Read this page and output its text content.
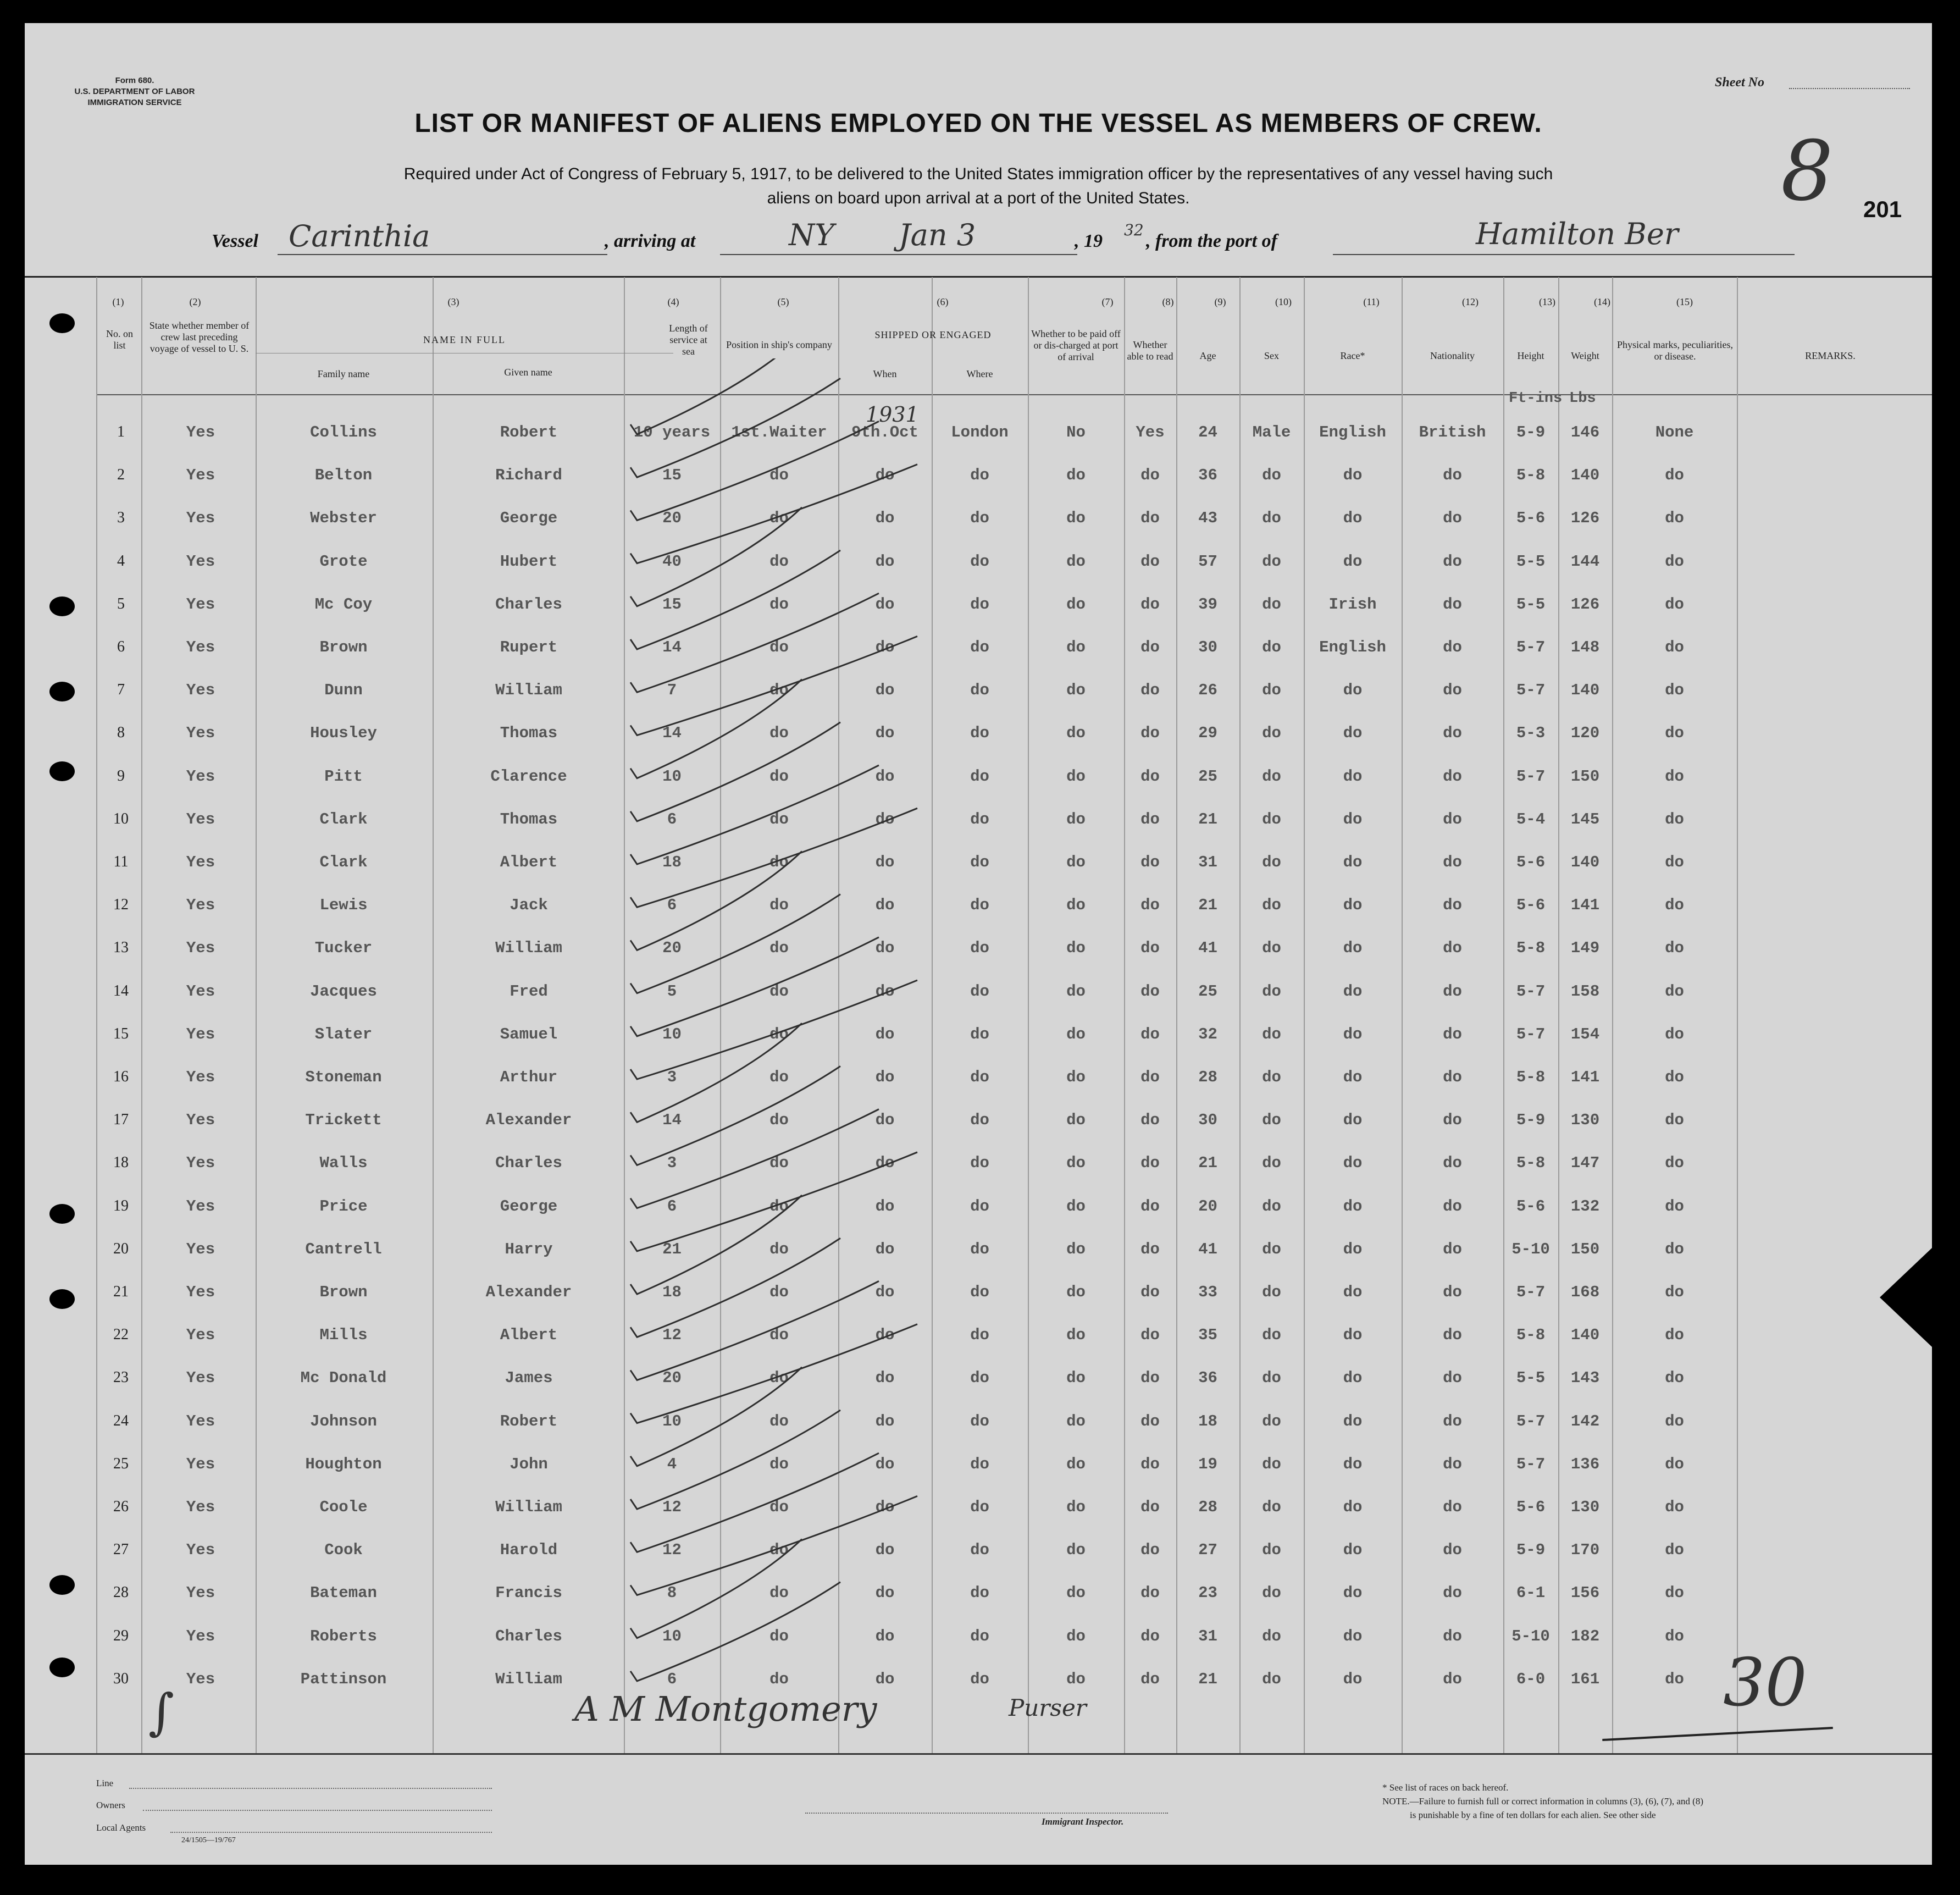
Form 680.
U.S. DEPARTMENT OF LABOR
IMMIGRATION SERVICE
Sheet No
8 201
LIST OR MANIFEST OF ALIENS EMPLOYED ON THE VESSEL AS MEMBERS OF CREW.
Required under Act of Congress of February 5, 1917, to be delivered to the United States immigration officer by the representatives of any vessel having such
aliens on board upon arrival at a port of the United States.
Vessel Carinthia	, arriving at	NY Jan 3	, 19
32
, from the port of	Hamilton Ber
(1)	(2)	(3)	(4)	(5)	(6)	(7)	(8)	(9)	(10)	(11)	(12)	(13)	(14)	(15)
No. on list
State whether member of crew last preceding voyage of vessel to U. S.
NAME IN FULL
Family name	Given name
Length of service at sea
Position in ship's company
SHIPPED OR ENGAGED
When	Where
Whether to be paid off or dis-charged at port of arrival
Whether able to read	Age	Sex	Race*	Nationality	Height	Weight
Physical marks, peculiarities, or disease.	REMARKS.
Ft-ins Lbs
1931
1	Yes	Collins	Robert	10 years	1st.Waiter	9th.Oct	London	No	Yes	24	Male	English	British	5-9	146	None
2	Yes	Belton	Richard	15	do	do	do	do	do	36	do	do	do	5-8	140	do
3	Yes	Webster	George	20	do	do	do	do	do	43	do	do	do	5-6	126	do
4	Yes	Grote	Hubert	40	do	do	do	do	do	57	do	do	do	5-5	144	do
5	Yes	Mc Coy	Charles	15	do	do	do	do	do	39	do	Irish	do	5-5	126	do
6	Yes	Brown	Rupert	14	do	do	do	do	do	30	do	English	do	5-7	148	do
7	Yes	Dunn	William	7	do	do	do	do	do	26	do	do	do	5-7	140	do
8	Yes	Housley	Thomas	14	do	do	do	do	do	29	do	do	do	5-3	120	do
9	Yes	Pitt	Clarence	10	do	do	do	do	do	25	do	do	do	5-7	150	do
10	Yes	Clark	Thomas	6	do	do	do	do	do	21	do	do	do	5-4	145	do
11	Yes	Clark	Albert	18	do	do	do	do	do	31	do	do	do	5-6	140	do
12	Yes	Lewis	Jack	6	do	do	do	do	do	21	do	do	do	5-6	141	do
13	Yes	Tucker	William	20	do	do	do	do	do	41	do	do	do	5-8	149	do
14	Yes	Jacques	Fred	5	do	do	do	do	do	25	do	do	do	5-7	158	do
15	Yes	Slater	Samuel	10	do	do	do	do	do	32	do	do	do	5-7	154	do
16	Yes	Stoneman	Arthur	3	do	do	do	do	do	28	do	do	do	5-8	141	do
17	Yes	Trickett	Alexander	14	do	do	do	do	do	30	do	do	do	5-9	130	do
18	Yes	Walls	Charles	3	do	do	do	do	do	21	do	do	do	5-8	147	do
19	Yes	Price	George	6	do	do	do	do	do	20	do	do	do	5-6	132	do
20	Yes	Cantrell	Harry	21	do	do	do	do	do	41	do	do	do	5-10	150	do
21	Yes	Brown	Alexander	18	do	do	do	do	do	33	do	do	do	5-7	168	do
22	Yes	Mills	Albert	12	do	do	do	do	do	35	do	do	do	5-8	140	do
23	Yes	Mc Donald	James	20	do	do	do	do	do	36	do	do	do	5-5	143	do
24	Yes	Johnson	Robert	10	do	do	do	do	do	18	do	do	do	5-7	142	do
25	Yes	Houghton	John	4	do	do	do	do	do	19	do	do	do	5-7	136	do
26	Yes	Coole	William	12	do	do	do	do	do	28	do	do	do	5-6	130	do
27	Yes	Cook	Harold	12	do	do	do	do	do	27	do	do	do	5-9	170	do
28	Yes	Bateman	Francis	8	do	do	do	do	do	23	do	do	do	6-1	156	do
29	Yes	Roberts	Charles	10	do	do	do	do	do	31	do	do	do	5-10	182	do
30	Yes	Pattinson	William	6	do	do	do	do	do	21	do	do	do	6-0	161	do 30
A M Montgomery	Purser
∫
Line
Owners
Local Agents
24/1505—19/767
Immigrant Inspector.
* See list of races on back hereof.
NOTE.—Failure to furnish full or correct information in columns (3), (6), (7), and (8)
is punishable by a fine of ten dollars for each alien. See other side
